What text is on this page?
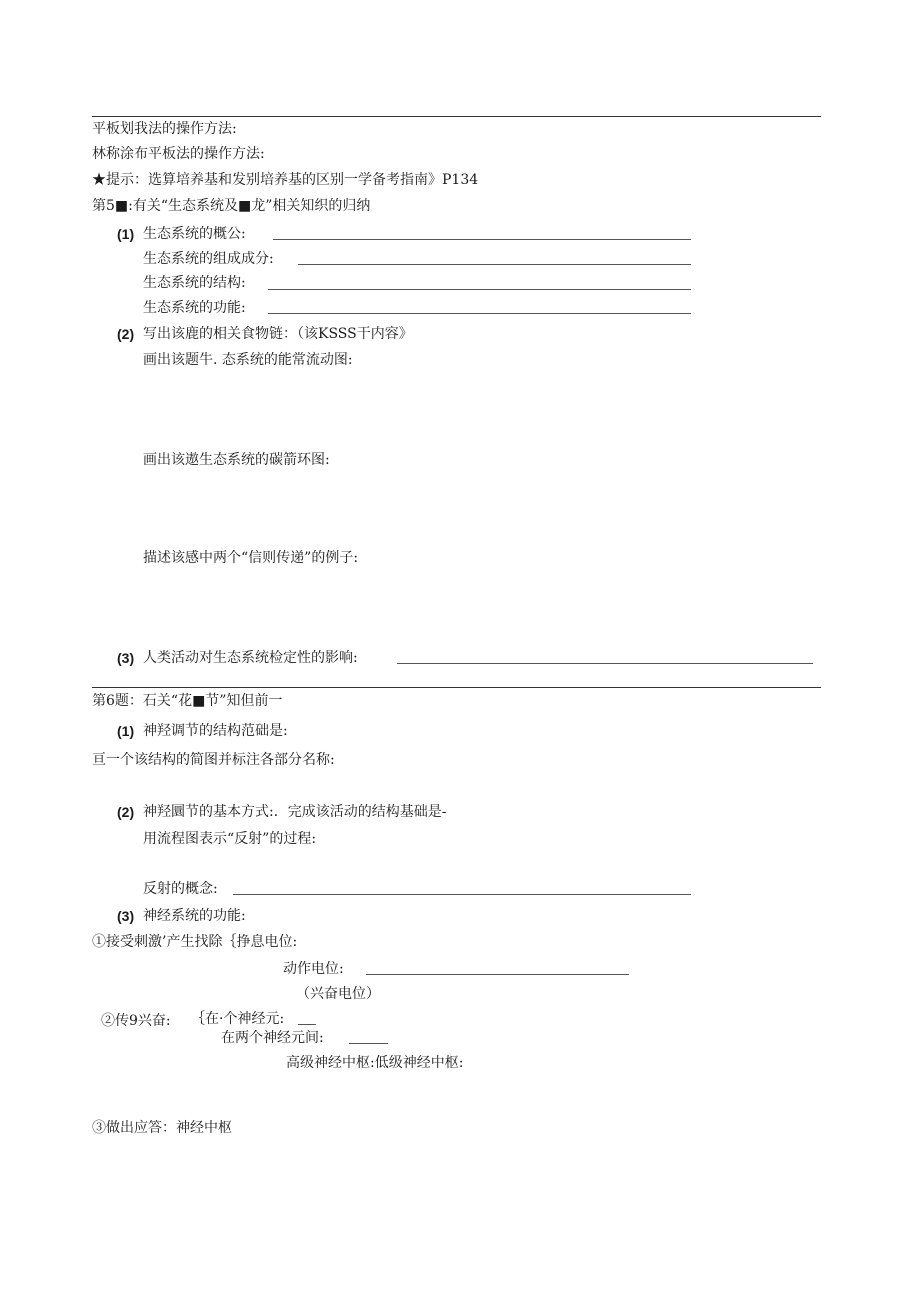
平板划我法的操作方法:
林称涂布平板法的操作方法:
★提示：选算培养基和发别培养基的区别一学备考指南》P134
第5■:有关“生态系统及■龙”相关知织的归纳
(1) 生态系统的概公:
生态系统的组成成分:
生态系统的结构:
生态系统的功能:
(2) 写出该鹿的相关食物链：（该KSSS干内容》
画出该题牛. 态系统的能常流动图:
画出该遨生态系统的碳箭环图:
描述该感中两个“信则传递”的例子:
(3) 人类活动对生态系统检定性的影响:
第6题：石关“花■节”知但前一
(1) 神羟调节的结构范础是:
亘一个该结构的简图并标注各部分名称:
(2) 神羟圜节的基本方式:．完成该活动的结构基础是-
用流程图表示“反射”的过程:
反射的概念:
(3) 神经系统的功能:
①接受刺激’产生找除｛挣息电位:
动作电位:
（兴奋电位）
②传9兴奋: ｛在·个神经元:
在两个神经元间:
高级神经中枢:低级神经中枢:
③做出应答：神经中枢
